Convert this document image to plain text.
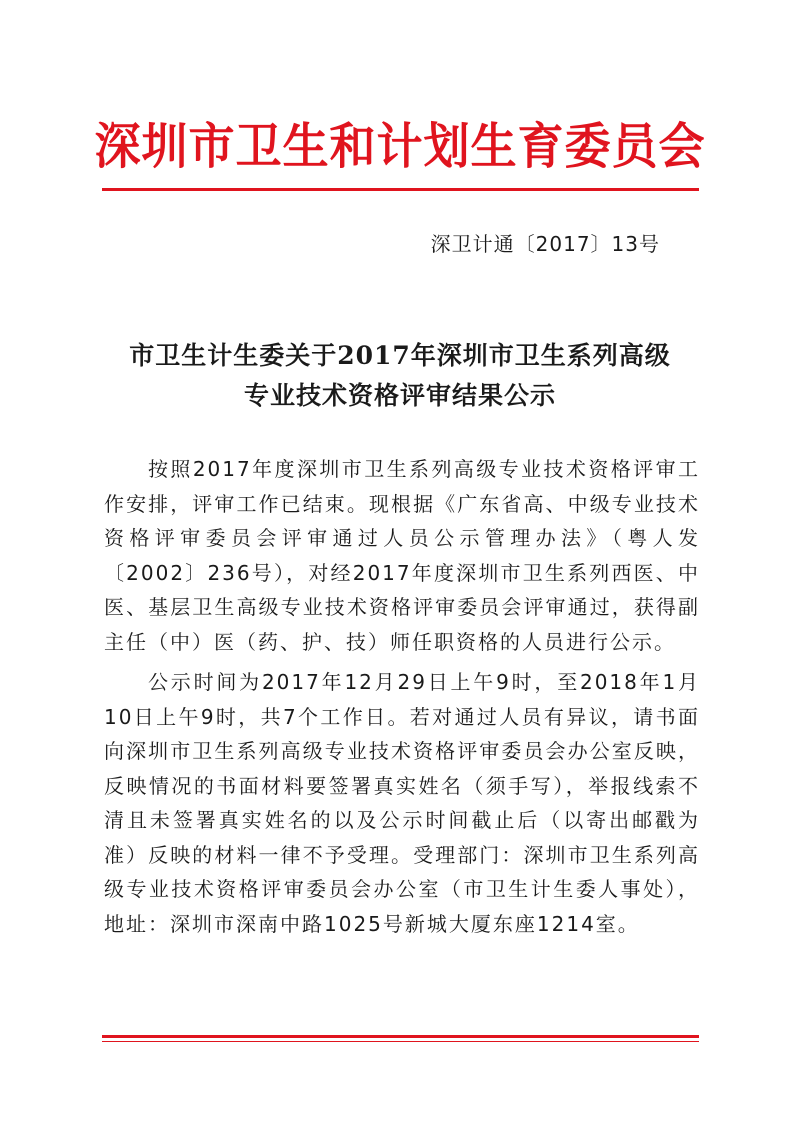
深圳市卫生和计划生育委员会
深卫计通〔2017〕13号
市卫生计生委关于2017年深圳市卫生系列高级
专业技术资格评审结果公示

按照2017年度深圳市卫生系列高级专业技术资格评审工作安排，评审工作已结束。现根据《广东省高、中级专业技术资格评审委员会评审通过人员公示管理办法》（粤人发〔2002〕236号），对经2017年度深圳市卫生系列西医、中医、基层卫生高级专业技术资格评审委员会评审通过，获得副主任（中）医（药、护、技）师任职资格的人员进行公示。

公示时间为2017年12月29日上午9时，至2018年1月10日上午9时，共7个工作日。若对通过人员有异议，请书面向深圳市卫生系列高级专业技术资格评审委员会办公室反映，反映情况的书面材料要签署真实姓名（须手写），举报线索不清且未签署真实姓名的以及公示时间截止后（以寄出邮戳为准）反映的材料一律不予受理。受理部门：深圳市卫生系列高级专业技术资格评审委员会办公室（市卫生计生委人事处），地址：深圳市深南中路1025号新城大厦东座1214室。
